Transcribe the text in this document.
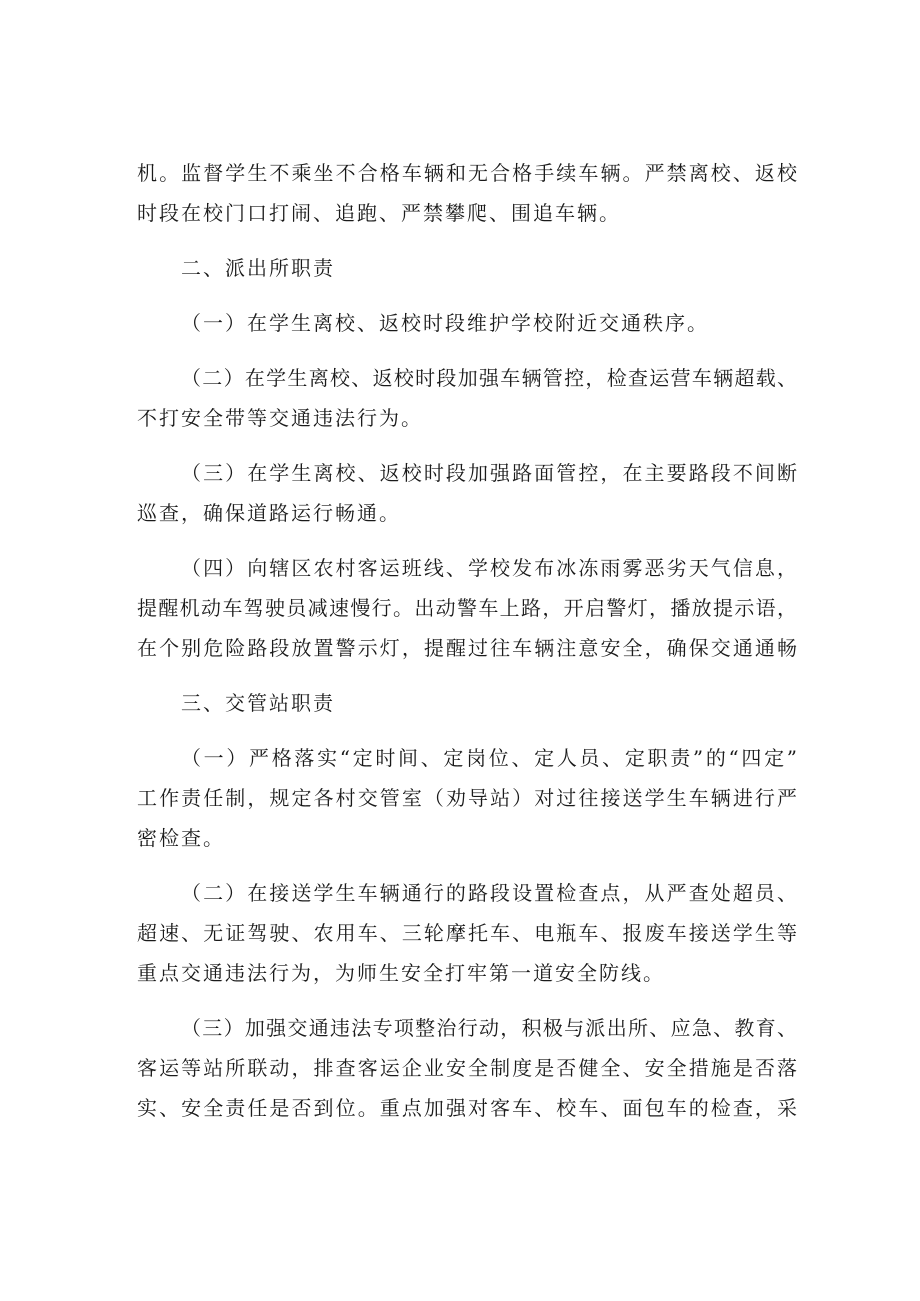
机。监督学生不乘坐不合格车辆和无合格手续车辆。严禁离校、返校
时段在校门口打闹、追跑、严禁攀爬、围追车辆。
二、派出所职责
（一）在学生离校、返校时段维护学校附近交通秩序。
（二）在学生离校、返校时段加强车辆管控，检查运营车辆超载、
不打安全带等交通违法行为。
（三）在学生离校、返校时段加强路面管控，在主要路段不间断
巡查，确保道路运行畅通。
（四）向辖区农村客运班线、学校发布冰冻雨雾恶劣天气信息，
提醒机动车驾驶员减速慢行。出动警车上路，开启警灯，播放提示语，
在个别危险路段放置警示灯，提醒过往车辆注意安全，确保交通通畅
三、交管站职责
（一）严格落实“定时间、定岗位、定人员、定职责”的“四定”
工作责任制，规定各村交管室（劝导站）对过往接送学生车辆进行严
密检查。
（二）在接送学生车辆通行的路段设置检查点，从严查处超员、
超速、无证驾驶、农用车、三轮摩托车、电瓶车、报废车接送学生等
重点交通违法行为，为师生安全打牢第一道安全防线。
（三）加强交通违法专项整治行动，积极与派出所、应急、教育、
客运等站所联动，排查客运企业安全制度是否健全、安全措施是否落
实、安全责任是否到位。重点加强对客车、校车、面包车的检查，采
